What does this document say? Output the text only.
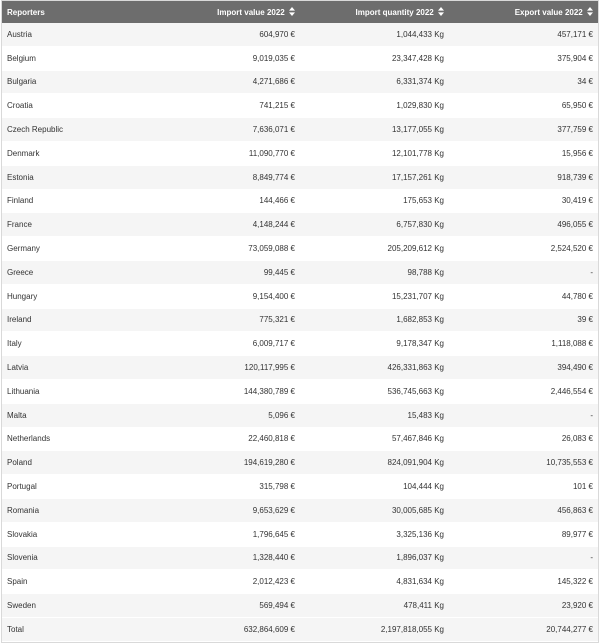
Reporters	Import value 2022	Import quantity 2022	Export value 2022

Austria	604,970 €	1,044,433 Kg	457,171 €
Belgium	9,019,035 €	23,347,428 Kg	375,904 €
Bulgaria	4,271,686 €	6,331,374 Kg	34 €
Croatia	741,215 €	1,029,830 Kg	65,950 €
Czech Republic	7,636,071 €	13,177,055 Kg	377,759 €
Denmark	11,090,770 €	12,101,778 Kg	15,956 €
Estonia	8,849,774 €	17,157,261 Kg	918,739 €
Finland	144,466 €	175,653 Kg	30,419 €
France	4,148,244 €	6,757,830 Kg	496,055 €
Germany	73,059,088 €	205,209,612 Kg	2,524,520 €
Greece	99,445 €	98,788 Kg	-
Hungary	9,154,400 €	15,231,707 Kg	44,780 €
Ireland	775,321 €	1,682,853 Kg	39 €
Italy	6,009,717 €	9,178,347 Kg	1,118,088 €
Latvia	120,117,995 €	426,331,863 Kg	394,490 €
Lithuania	144,380,789 €	536,745,663 Kg	2,446,554 €
Malta	5,096 €	15,483 Kg	-
Netherlands	22,460,818 €	57,467,846 Kg	26,083 €
Poland	194,619,280 €	824,091,904 Kg	10,735,553 €
Portugal	315,798 €	104,444 Kg	101 €
Romania	9,653,629 €	30,005,685 Kg	456,863 €
Slovakia	1,796,645 €	3,325,136 Kg	89,977 €
Slovenia	1,328,440 €	1,896,037 Kg	-
Spain	2,012,423 €	4,831,634 Kg	145,322 €
Sweden	569,494 €	478,411 Kg	23,920 €
Total	632,864,609 €	2,197,818,055 Kg	20,744,277 €
